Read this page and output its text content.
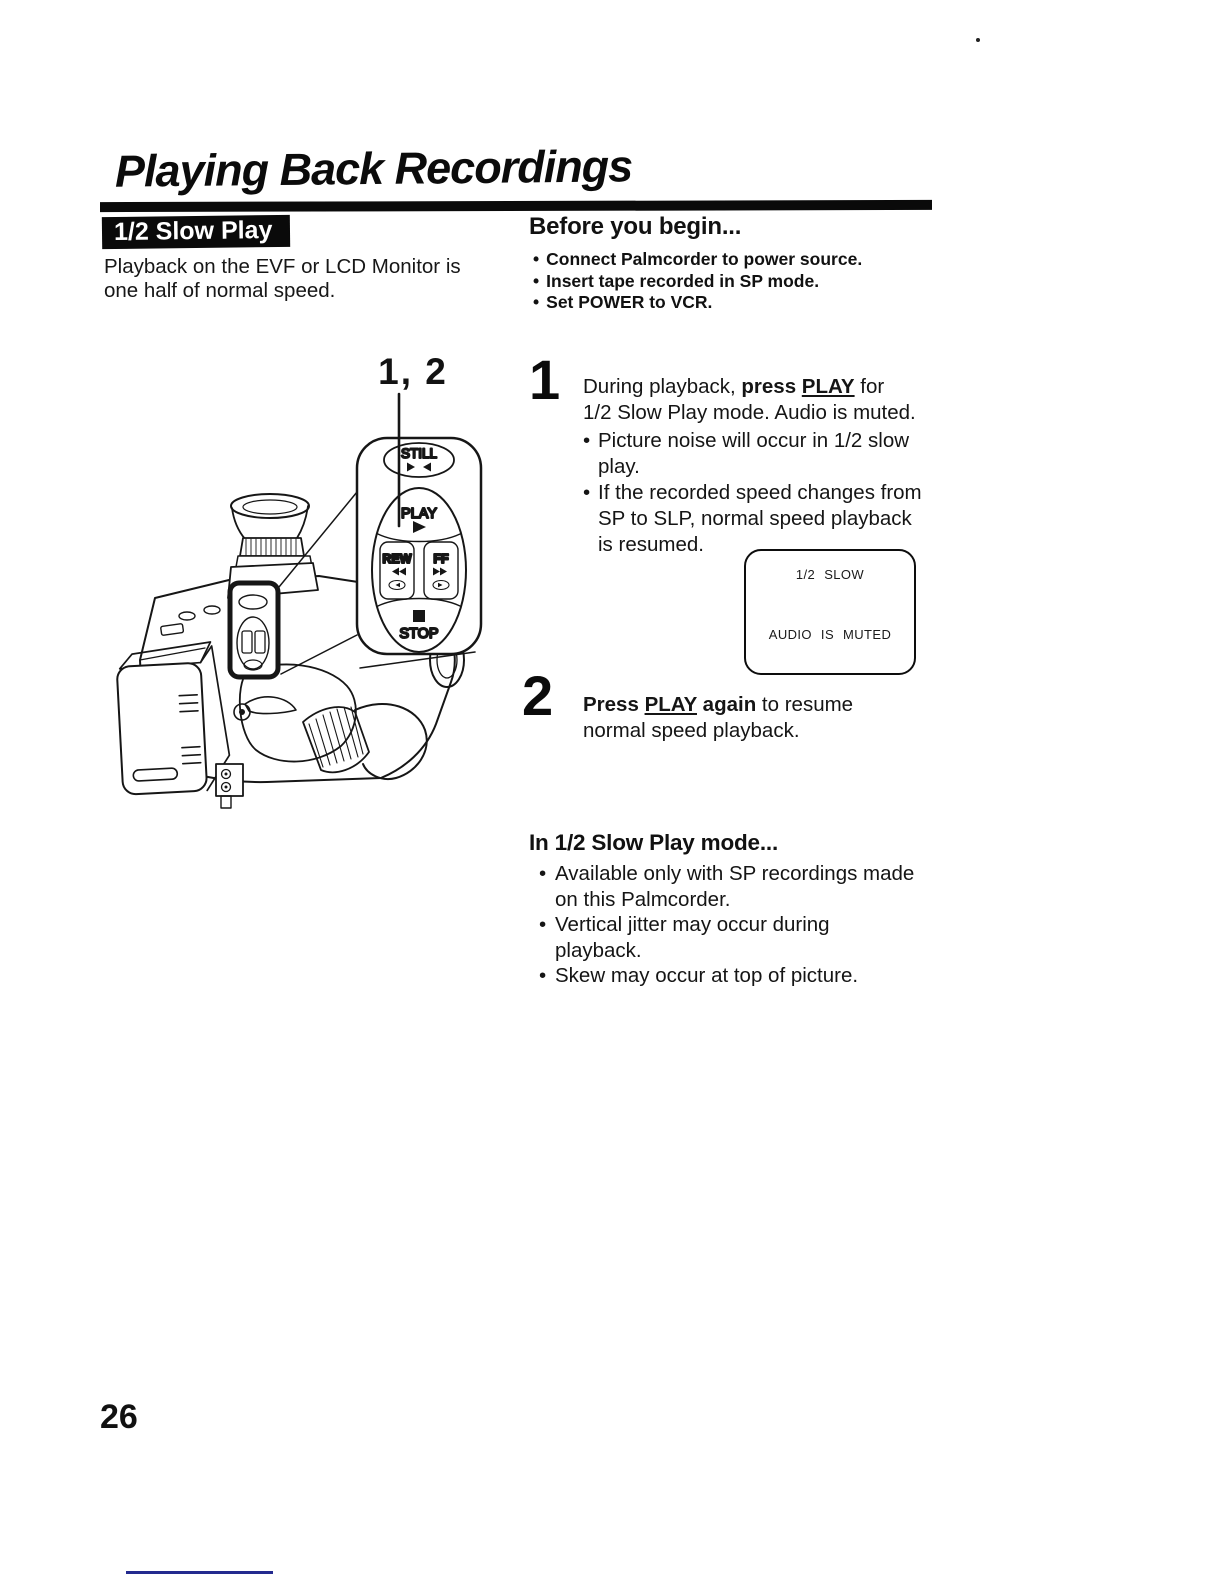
Playing Back Recordings
1/2 Slow Play
Playback on the EVF or LCD Monitor is one half of normal speed.
Before you begin...
• Connect Palmcorder to power source.
• Insert tape recorded in SP mode.
• Set POWER to VCR.
1 During playback, press PLAY for
1/2 Slow Play mode. Audio is muted.
• Picture noise will occur in 1/2 slow play.
• If the recorded speed changes from SP to SLP, normal speed playback is resumed.
1/2 SLOW
AUDIO IS MUTED
2 Press PLAY again to resume
normal speed playback.
In 1/2 Slow Play mode...
• Available only with SP recordings made on this Palmcorder.
• Vertical jitter may occur during playback.
• Skew may occur at top of picture.
STILL
PLAY
REW FF
STOP
1, 2
26
